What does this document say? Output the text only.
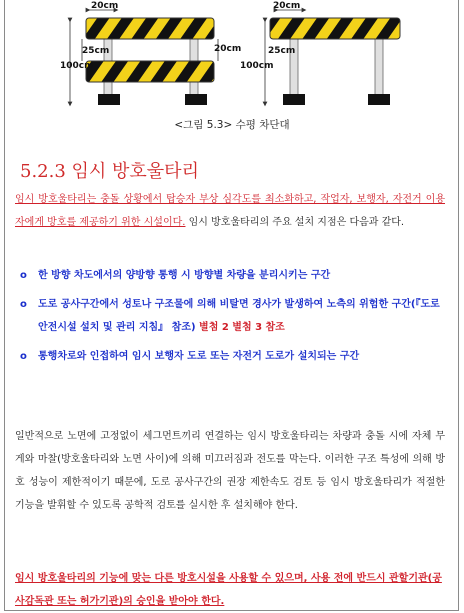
20cm	20cm
25cm	25cm
20cm
100cm	100cm
<그림 5.3> 수평 차단대
5.2.3 임시 방호울타리
임시 방호울타리는 충돌 상황에서 탑승자 부상 심각도를 최소화하고, 작업자, 보행자, 자전거 이용자에게 방호를 제공하기 위한 시설이다. 임시 방호울타리의 주요 설치 지점은 다음과 같다.
o 한 방향 차도에서의 양방향 통행 시 방향별 차량을 분리시키는 구간
o 도로 공사구간에서 성토나 구조물에 의해 비탈면 경사가 발생하여 노측의 위험한 구간(『도로안전시설 설치 및 관리 지침』 참조) 별첨 2 별첨 3 참조
o 통행차로와 인접하여 임시 보행자 도로 또는 자전거 도로가 설치되는 구간
일반적으로 노면에 고정없이 세그먼트끼리 연결하는 임시 방호울타리는 차량과 충돌 시에 자체 무게와 마찰(방호울타리와 노면 사이)에 의해 미끄러짐과 전도를 막는다. 이러한 구조 특성에 의해 방호 성능이 제한적이기 때문에, 도로 공사구간의 권장 제한속도 검토 등 임시 방호울타리가 적절한 기능을 발휘할 수 있도록 공학적 검토를 실시한 후 설치해야 한다.
임시 방호울타리의 기능에 맞는 다른 방호시설을 사용할 수 있으며, 사용 전에 반드시 관할기관(공사감독관 또는 허가기관)의 승인을 받아야 한다.
